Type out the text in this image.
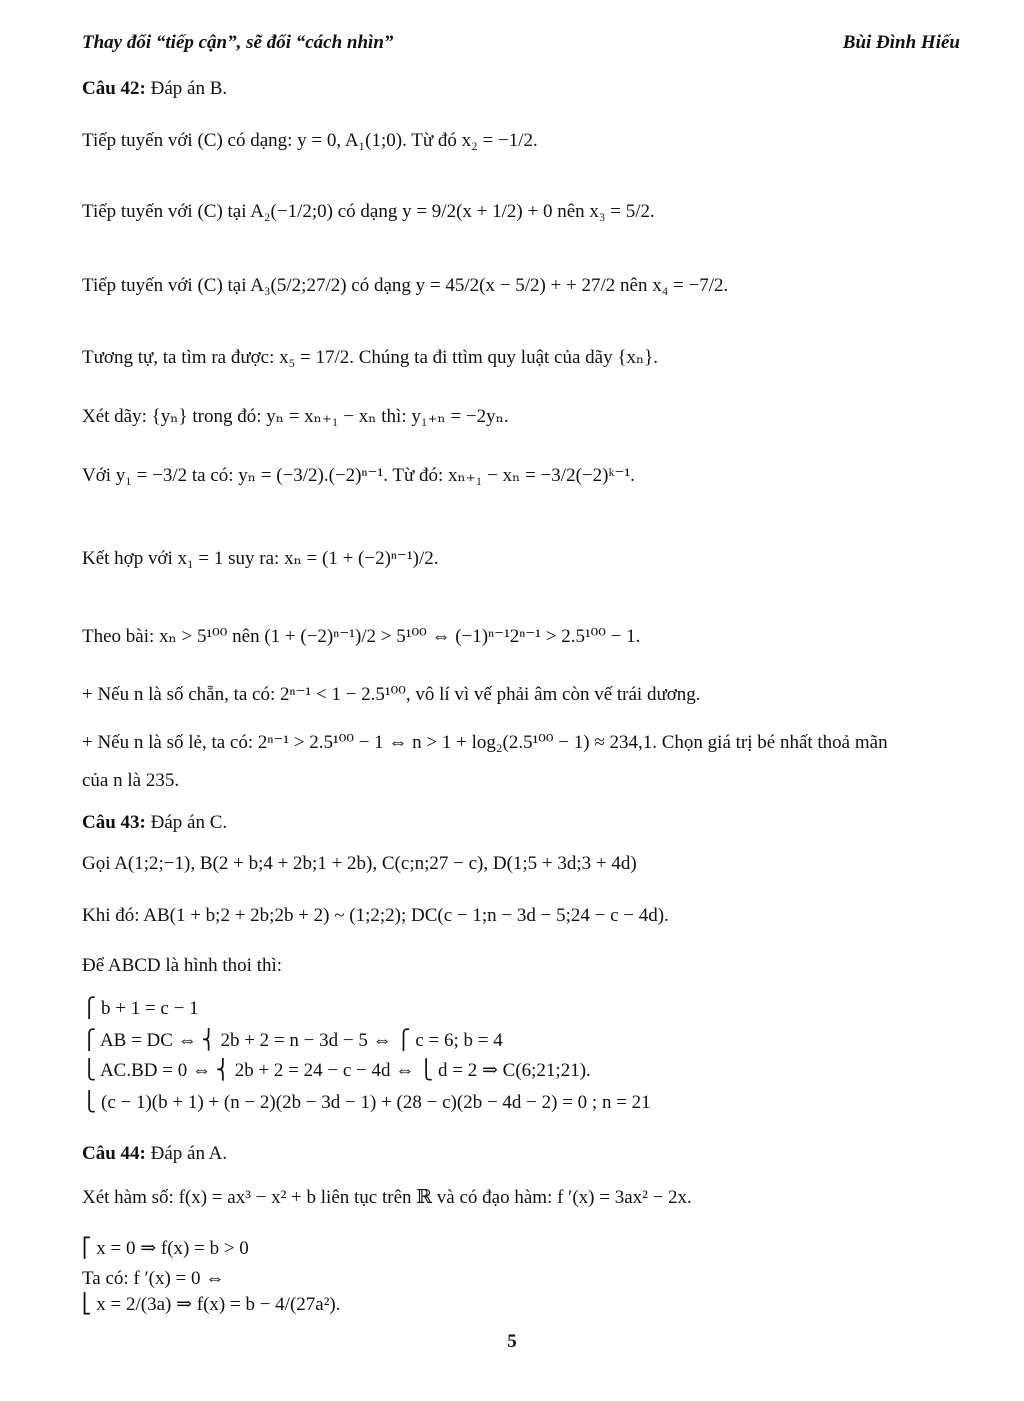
Thay đổi “tiếp cận”, sẽ đổi “cách nhìn”	Bùi Đình Hiếu
Câu 42: Đáp án B.
Tiếp tuyến với (C) có dạng: y = 0, A₁(1;0). Từ đó x₂ = −1/2.
Tiếp tuyến với (C) tại A₂(−1/2;0) có dạng y = 9/2(x + 1/2) + 0 nên x₃ = 5/2.
Tiếp tuyến với (C) tại A₃(5/2;27/2) có dạng y = 45/2(x − 5/2) + + 27/2 nên x₄ = −7/2.
Tương tự, ta tìm ra được: x₅ = 17/2. Chúng ta đi ttìm quy luật của dãy {xₙ}.
Xét dãy: {yₙ} trong đó: yₙ = xₙ₊₁ − xₙ thì: y₁₊ₙ = −2yₙ.
Với y₁ = −3/2 ta có: yₙ = (−3/2).(−2)ⁿ⁻¹. Từ đó: xₙ₊₁ − xₙ = −3/2(−2)ᵏ⁻¹.
Kết hợp với x₁ = 1 suy ra: xₙ = (1 + (−2)ⁿ⁻¹)/2.
Theo bài: xₙ > 5¹⁰⁰ nên (1 + (−2)ⁿ⁻¹)/2 > 5¹⁰⁰ ⇔ (−1)ⁿ⁻¹2ⁿ⁻¹ > 2.5¹⁰⁰ − 1.
+ Nếu n là số chẵn, ta có: 2ⁿ⁻¹ < 1 − 2.5¹⁰⁰, vô lí vì vế phải âm còn vế trái dương.
+ Nếu n là số lẻ, ta có: 2ⁿ⁻¹ > 2.5¹⁰⁰ − 1 ⇔ n > 1 + log₂(2.5¹⁰⁰ − 1) ≈ 234,1. Chọn giá trị bé nhất thoả mãn
của n là 235.
Câu 43: Đáp án C.
Gọi A(1;2;−1), B(2 + b;4 + 2b;1 + 2b), C(c;n;27 − c), D(1;5 + 3d;3 + 4d)
Khi đó: AB(1 + b;2 + 2b;2b + 2) ~ (1;2;2); DC(c − 1;n − 3d − 5;24 − c − 4d).
Để ABCD là hình thoi thì:
⎧ b + 1 = c − 1
⎧ AB = DC ⇔ ⎨ 2b + 2 = n − 3d − 5 ⇔ ⎧ c = 6; b = 4
⎩ AC.BD = 0 ⇔ ⎨ 2b + 2 = 24 − c − 4d ⇔ ⎩ d = 2 ⇒ C(6;21;21).
⎩ (c − 1)(b + 1) + (n − 2)(2b − 3d − 1) + (28 − c)(2b − 4d − 2) = 0 ; n = 21
Câu 44: Đáp án A.
Xét hàm số: f(x) = ax³ − x² + b liên tục trên ℝ và có đạo hàm: f ′(x) = 3ax² − 2x.
⎡ x = 0 ⇒ f(x) = b > 0
Ta có: f ′(x) = 0 ⇔
⎣ x = 2/(3a) ⇒ f(x) = b − 4/(27a²).
5
